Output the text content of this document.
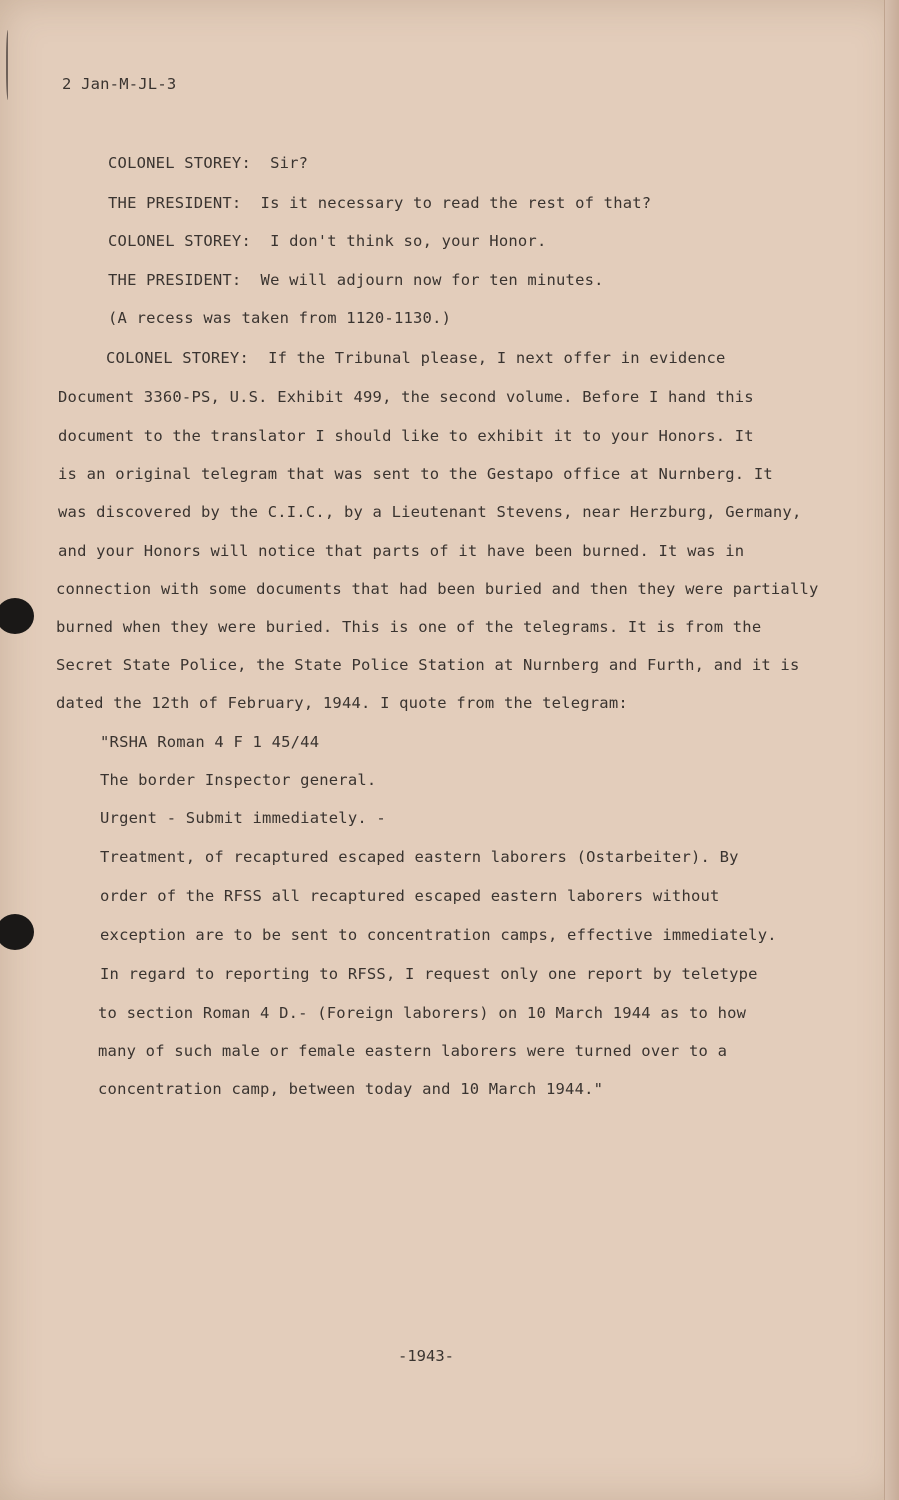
2 Jan-M-JL-3

COLONEL STOREY: Sir?

THE PRESIDENT: Is it necessary to read the rest of that?

COLONEL STOREY: I don't think so, your Honor.

THE PRESIDENT: We will adjourn now for ten minutes.

(A recess was taken from 1120-1130.)

COLONEL STOREY: If the Tribunal please, I next offer in evidence

Document 3360-PS, U.S. Exhibit 499, the second volume. Before I hand this

document to the translator I should like to exhibit it to your Honors. It

is an original telegram that was sent to the Gestapo office at Nurnberg. It

was discovered by the C.I.C., by a Lieutenant Stevens, near Herzburg, Germany,

and your Honors will notice that parts of it have been burned. It was in

connection with some documents that had been buried and then they were partially

burned when they were buried. This is one of the telegrams. It is from the

Secret State Police, the State Police Station at Nurnberg and Furth, and it is

dated the 12th of February, 1944. I quote from the telegram:

"RSHA Roman 4 F 1 45/44

The border Inspector general.

Urgent - Submit immediately. -

Treatment, of recaptured escaped eastern laborers (Ostarbeiter). By

order of the RFSS all recaptured escaped eastern laborers without

exception are to be sent to concentration camps, effective immediately.

In regard to reporting to RFSS, I request only one report by teletype

to section Roman 4 D.- (Foreign laborers) on 10 March 1944 as to how

many of such male or female eastern laborers were turned over to a

concentration camp, between today and 10 March 1944."

-1943-
